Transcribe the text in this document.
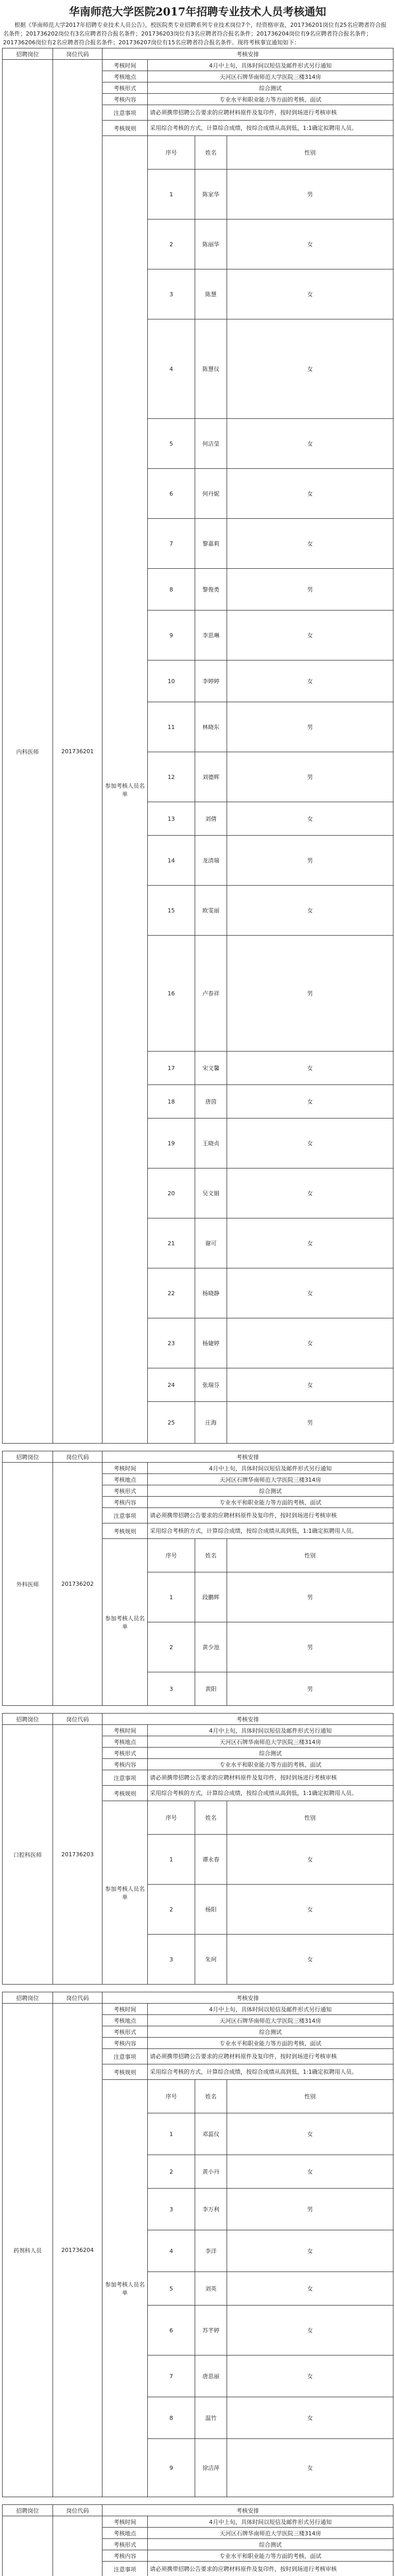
华南师范大学医院2017年招聘专业技术人员考核通知

根据《华南师范大学2017年招聘专业技术人员公告》，校医院类专业招聘系列专业技术岗位7个，经资格审查，201736201岗位有25名应聘者符合报名条件；201736202岗位有3名应聘者符合报名条件；201736203岗位有3名应聘者符合报名条件；201736204岗位有9名应聘者符合报名条件；201736206岗位有2名应聘者符合报名条件；201736207岗位有15名应聘者符合报名条件。现将考核事宜通知如下：

招聘岗位	岗位代码	考核安排				
内科医师	201736201	考核时间	4月中上旬，具体时间以短信及邮件形式另行通知			
		考核地点	天河区石牌华南师范大学医院三楼314房			
		考核形式	综合测试			
		考核内容	专业水平和职业能力等方面的考核、面试			
		注意事项	请必须携带招聘公告要求的应聘材料原件及复印件，按时到场进行考核审核			
		考核规则	采用综合考核的方式，计算综合成绩，按综合成绩从高到低，1:1确定拟聘用人员。			
		参加考核人员名单	序号	姓名	性别	
			1	陈家华	男	
			2	陈丽华	女	
			3	陈慧	女	
			4	陈慧仪	女	
			5	何洁莹	女	
			6	何丹妮	女	
			7	黎嘉莉	女	
			8	黎俊勇	男	
			9	李思琳	女	
			10	李婷婷	女	
			11	林晓东	男	
			12	刘德辉	男	
			13	刘倩	女	
			14	龙清瑞	男	
			15	欧雯丽	女	
			16	卢春祥	男	
			17	宋文馨	女	
			18	唐茵	女	
			19	王晓贞	女	
			20	吴文娟	女	
			21	谢可	女	
			22	杨晓静	女	
			23	杨婕婷	女	
			24	张瑞芬	女	
			25	庄海	男	
招聘岗位	岗位代码	考核安排				
外科医师	201736202	考核时间	4月中上旬，具体时间以短信及邮件形式另行通知			
		考核地点	天河区石牌华南师范大学医院三楼314房			
		考核形式	综合测试			
		考核内容	专业水平和职业能力等方面的考核、面试			
		注意事项	请必须携带招聘公告要求的应聘材料原件及复印件，按时到场进行考核审核			
		考核规则	采用综合考核的方式，计算综合成绩，按综合成绩从高到低，1:1确定拟聘用人员。			
		参加考核人员名单	序号	姓名	性别	
			1	段鹏辉	男	
			2	黄少池	男	
			3	黄阳	男	
招聘岗位	岗位代码	考核安排				
口腔科医师	201736203	考核时间	4月中上旬，具体时间以短信及邮件形式另行通知			
		考核地点	天河区石牌华南师范大学医院三楼314房			
		考核形式	综合测试			
		考核内容	专业水平和职业能力等方面的考核、面试			
		注意事项	请必须携带招聘公告要求的应聘材料原件及复印件，按时到场进行考核审核			
		考核规则	采用综合考核的方式，计算综合成绩，按综合成绩从高到低，1:1确定拟聘用人员。			
		参加考核人员名单	序号	姓名	性别	
			1	谭永春	女	
			2	杨阳	女	
			3	朱珂	女	
招聘岗位	岗位代码	考核安排				
药剂科人员	201736204	考核时间	4月中上旬，具体时间以短信及邮件形式另行通知			
		考核地点	天河区石牌华南师范大学医院三楼314房			
		考核形式	综合测试			
		考核内容	专业水平和职业能力等方面的考核、面试			
		注意事项	请必须携带招聘公告要求的应聘材料原件及复印件，按时到场进行考核审核			
		考核规则	采用综合考核的方式，计算综合成绩，按综合成绩从高到低，1:1确定拟聘用人员。			
		参加考核人员名单	序号	姓名	性别	
			1	邓蕊仪	女	
			2	黄小丹	女	
			3	李万利	男	
			4	李洋	女	
			5	刘英	女	
			6	苏芊婷	女	
			7	唐思丽	女	
			8	温竹	女	
			9	徐洁萍	女	
招聘岗位	岗位代码	考核安排				
		考核时间	4月中上旬，具体时间以短信及邮件形式另行通知			
		考核地点	天河区石牌华南师范大学医院三楼314房			
		考核形式	综合测试			
		考核内容	专业水平和职业能力等方面的考核、面试			
		注意事项	请必须携带招聘公告要求的应聘材料原件及复印件，按时到场进行考核审核			
